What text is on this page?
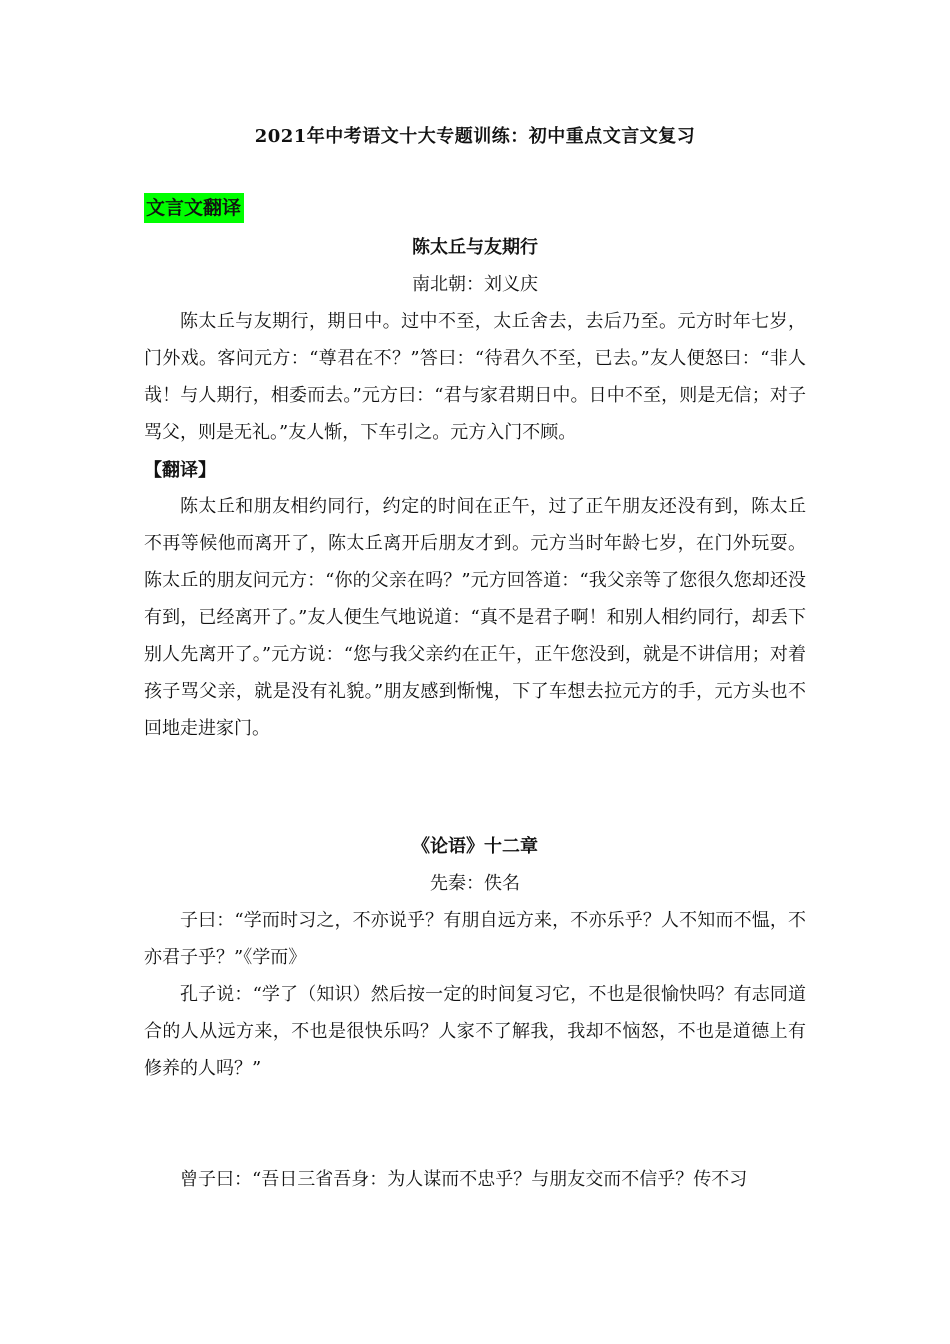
2021年中考语文十大专题训练：初中重点文言文复习
文言文翻译
陈太丘与友期行
南北朝：刘义庆

陈太丘与友期行，期日中。过中不至，太丘舍去，去后乃至。元方时年七岁，门外戏。客问元方：“尊君在不？”答曰：“待君久不至，已去。”友人便怒曰：“非人哉！与人期行，相委而去。”元方曰：“君与家君期日中。日中不至，则是无信；对子骂父，则是无礼。”友人惭，下车引之。元方入门不顾。

【翻译】

陈太丘和朋友相约同行，约定的时间在正午，过了正午朋友还没有到，陈太丘不再等候他而离开了，陈太丘离开后朋友才到。元方当时年龄七岁，在门外玩耍。陈太丘的朋友问元方：“你的父亲在吗？”元方回答道：“我父亲等了您很久您却还没有到，已经离开了。”友人便生气地说道：“真不是君子啊！和别人相约同行，却丢下别人先离开了。”元方说：“您与我父亲约在正午，正午您没到，就是不讲信用；对着孩子骂父亲，就是没有礼貌。”朋友感到惭愧，下了车想去拉元方的手，元方头也不回地走进家门。

《论语》十二章
先秦：佚名

子曰：“学而时习之，不亦说乎？有朋自远方来，不亦乐乎？人不知而不愠，不亦君子乎？”《学而》

孔子说：“学了（知识）然后按一定的时间复习它，不也是很愉快吗？有志同道合的人从远方来，不也是很快乐吗？人家不了解我，我却不恼怒，不也是道德上有修养的人吗？”

曾子曰：“吾日三省吾身：为人谋而不忠乎？与朋友交而不信乎？传不习
